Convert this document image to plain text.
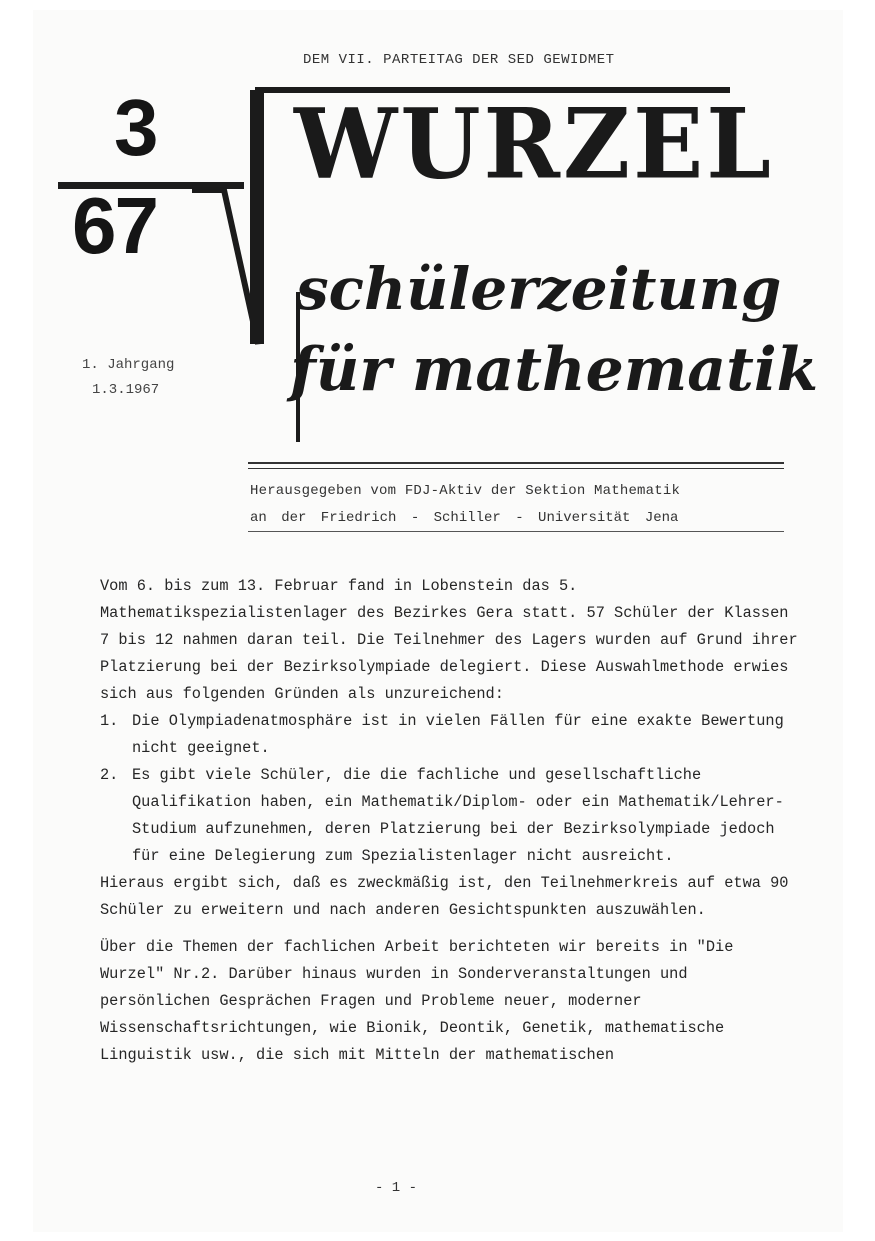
DEM VII. PARTEITAG DER SED GEWIDMET
3
67
WURZEL
schülerzeitung
für mathematik
1. Jahrgang
1.3.1967
Herausgegeben vom FDJ-Aktiv der Sektion Mathematik
an der Friedrich - Schiller - Universität Jena

Vom 6. bis zum 13. Februar fand in Lobenstein das 5. Mathematikspezialistenlager des Bezirkes Gera statt. 57 Schüler der Klassen 7 bis 12 nahmen daran teil. Die Teilnehmer des Lagers wurden auf Grund ihrer Platzierung bei der Bezirksolympiade delegiert. Diese Auswahlmethode erwies sich aus folgenden Gründen als unzureichend:

1. Die Olympiadenatmosphäre ist in vielen Fällen für eine exakte Bewertung nicht geeignet.
2. Es gibt viele Schüler, die die fachliche und gesellschaftliche Qualifikation haben, ein Mathematik/Diplom- oder ein Mathematik/Lehrer-Studium aufzunehmen, deren Platzierung bei der Bezirksolympiade jedoch für eine Delegierung zum Spezialistenlager nicht ausreicht.

Hieraus ergibt sich, daß es zweckmäßig ist, den Teilnehmerkreis auf etwa 90 Schüler zu erweitern und nach anderen Gesichtspunkten auszuwählen.

Über die Themen der fachlichen Arbeit berichteten wir bereits in "Die Wurzel" Nr.2. Darüber hinaus wurden in Sonderveranstaltungen und persönlichen Gesprächen Fragen und Probleme neuer, moderner Wissenschaftsrichtungen, wie Bionik, Deontik, Genetik, mathematische Linguistik usw., die sich mit Mitteln der mathematischen

- 1 -
